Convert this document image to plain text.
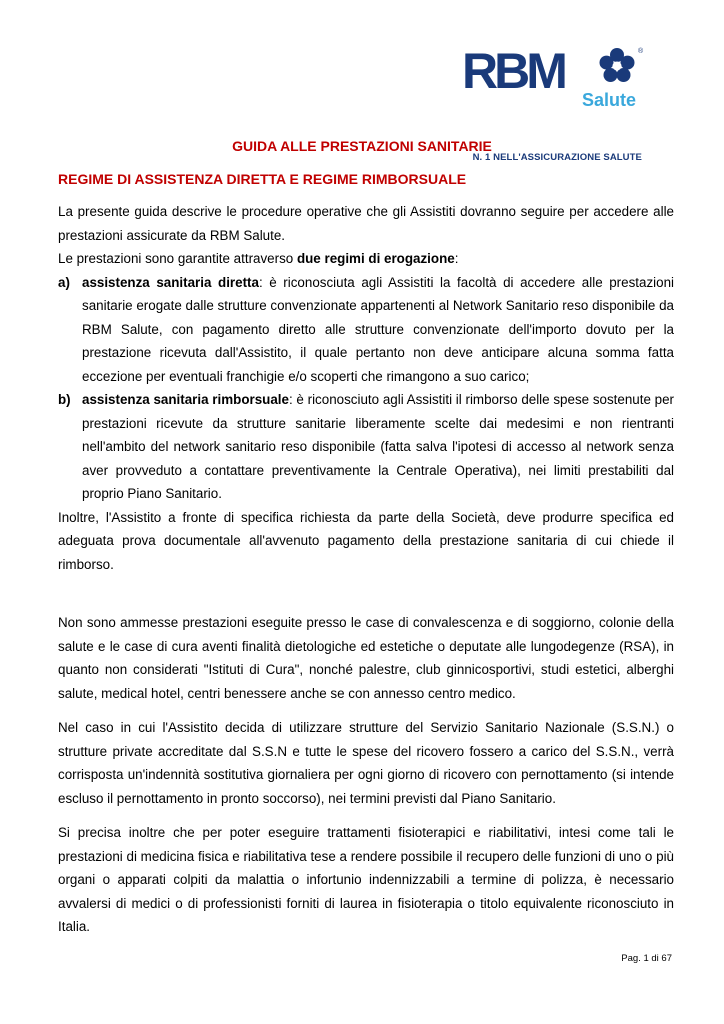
RBM	®
Salute
N. 1 NELL'ASSICURAZIONE SALUTE
GUIDA ALLE PRESTAZIONI SANITARIE
REGIME DI ASSISTENZA DIRETTA E REGIME RIMBORSUALE

La presente guida descrive le procedure operative che gli Assistiti dovranno seguire per accedere alle prestazioni assicurate da RBM Salute.

Le prestazioni sono garantite attraverso due regimi di erogazione:

a) assistenza sanitaria diretta: è riconosciuta agli Assistiti la facoltà di accedere alle prestazioni sanitarie erogate dalle strutture convenzionate appartenenti al Network Sanitario reso disponibile da RBM Salute, con pagamento diretto alle strutture convenzionate dell'importo dovuto per la prestazione ricevuta dall'Assistito, il quale pertanto non deve anticipare alcuna somma fatta eccezione per eventuali franchigie e/o scoperti che rimangono a suo carico;

b) assistenza sanitaria rimborsuale: è riconosciuto agli Assistiti il rimborso delle spese sostenute per prestazioni ricevute da strutture sanitarie liberamente scelte dai medesimi e non rientranti nell'ambito del network sanitario reso disponibile (fatta salva l'ipotesi di accesso al network senza aver provveduto a contattare preventivamente la Centrale Operativa), nei limiti prestabiliti dal proprio Piano Sanitario.

Inoltre, l'Assistito a fronte di specifica richiesta da parte della Società, deve produrre specifica ed adeguata prova documentale all'avvenuto pagamento della prestazione sanitaria di cui chiede il rimborso.

Non sono ammesse prestazioni eseguite presso le case di convalescenza e di soggiorno, colonie della salute e le case di cura aventi finalità dietologiche ed estetiche o deputate alle lungodegenze (RSA), in quanto non considerati "Istituti di Cura", nonché palestre, club ginnicosportivi, studi estetici, alberghi salute, medical hotel, centri benessere anche se con annesso centro medico.

Nel caso in cui l'Assistito decida di utilizzare strutture del Servizio Sanitario Nazionale (S.S.N.) o strutture private accreditate dal S.S.N e tutte le spese del ricovero fossero a carico del S.S.N., verrà corrisposta un'indennità sostitutiva giornaliera per ogni giorno di ricovero con pernottamento (si intende escluso il pernottamento in pronto soccorso), nei termini previsti dal Piano Sanitario.

Si precisa inoltre che per poter eseguire trattamenti fisioterapici e riabilitativi, intesi come tali le prestazioni di medicina fisica e riabilitativa tese a rendere possibile il recupero delle funzioni di uno o più organi o apparati colpiti da malattia o infortunio indennizzabili a termine di polizza, è necessario avvalersi di medici o di professionisti forniti di laurea in fisioterapia o titolo equivalente riconosciuto in Italia.

Pag. 1 di 67
